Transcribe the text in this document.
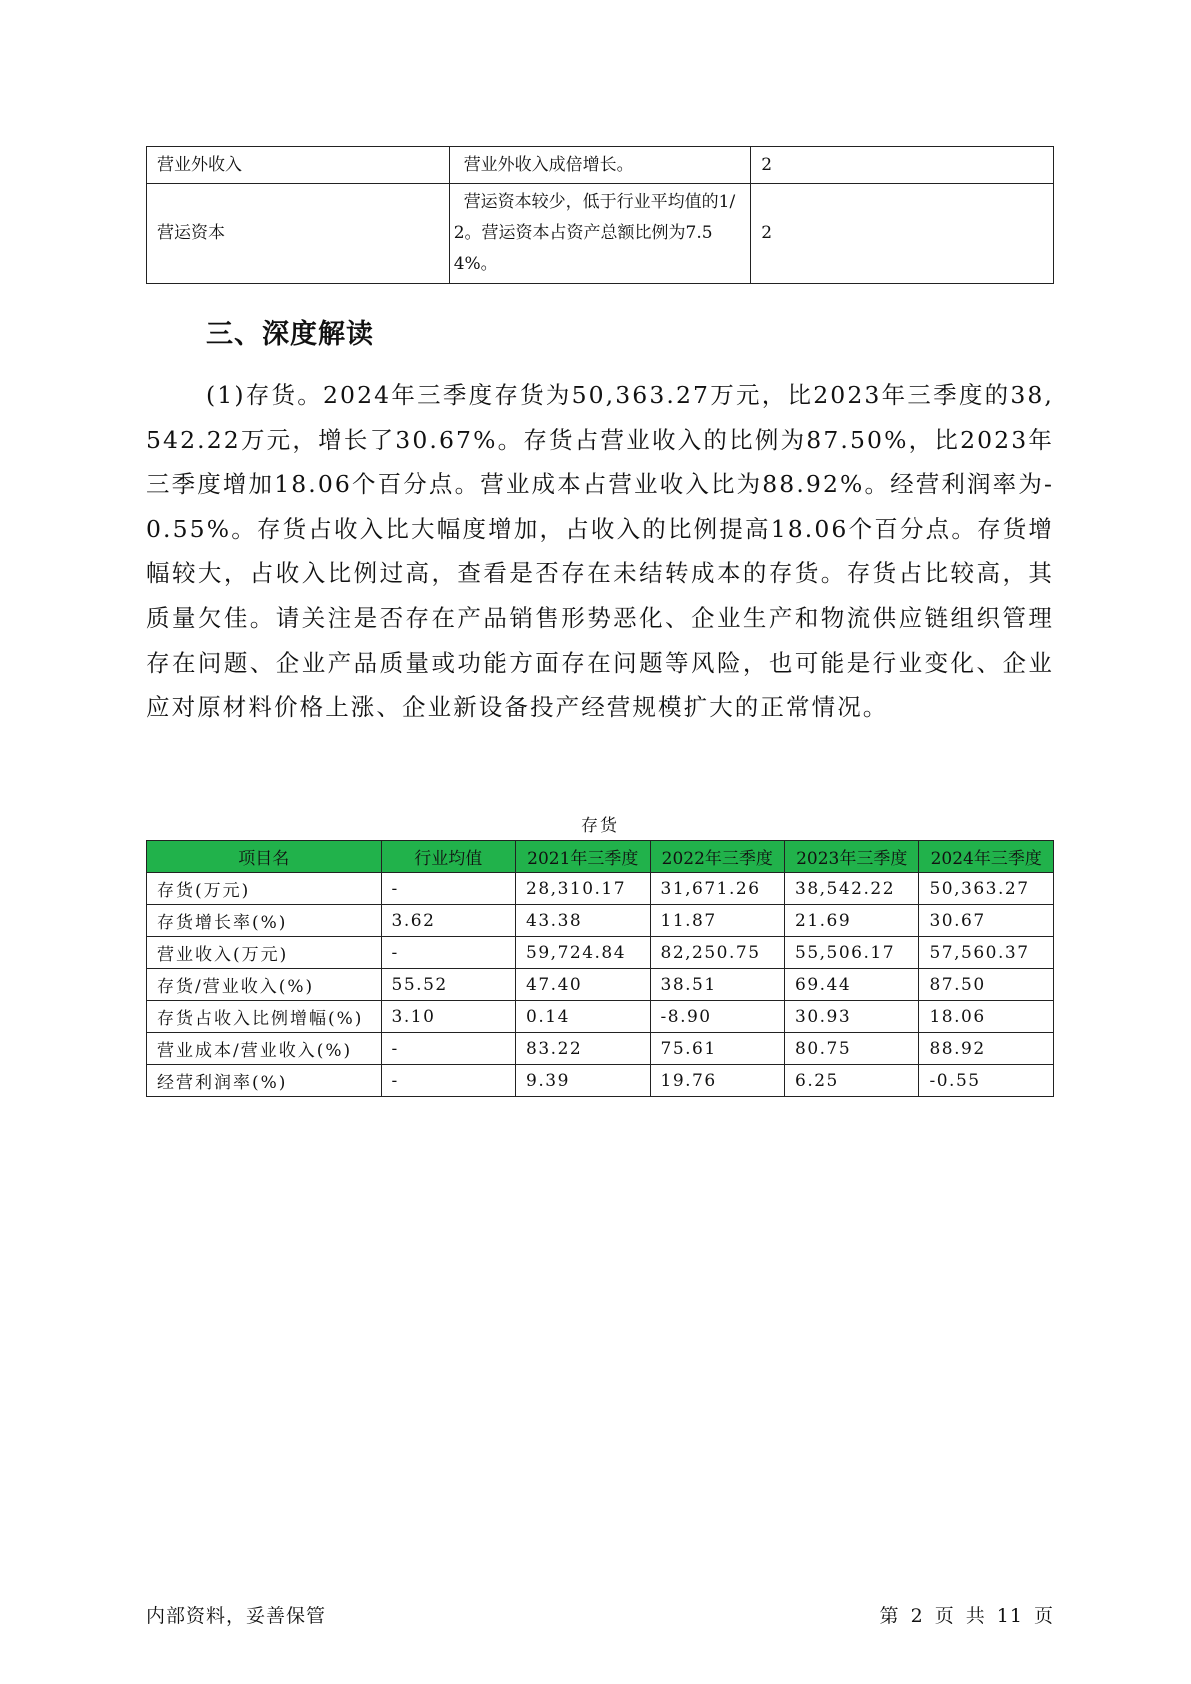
营业外收入	营业外收入成倍增长。	2
营运资本	营运资本较少，低于行业平均值的1/2。营运资本占资产总额比例为7.54%。	2
三、深度解读

(1)存货。2024年三季度存货为50,363.27万元，比2023年三季度的38,542.22万元，增长了30.67%。存货占营业收入的比例为87.50%，比2023年三季度增加18.06个百分点。营业成本占营业收入比为88.92%。经营利润率为-0.55%。存货占收入比大幅度增加，占收入的比例提高18.06个百分点。存货增幅较大，占收入比例过高，查看是否存在未结转成本的存货。存货占比较高，其质量欠佳。请关注是否存在产品销售形势恶化、企业生产和物流供应链组织管理存在问题、企业产品质量或功能方面存在问题等风险，也可能是行业变化、企业应对原材料价格上涨、企业新设备投产经营规模扩大的正常情况。

存货
项目名	行业均值	2021年三季度	2022年三季度	2023年三季度	2024年三季度
存货(万元)	-	28,310.17	31,671.26	38,542.22	50,363.27
存货增长率(%)	3.62	43.38	11.87	21.69	30.67
营业收入(万元)	-	59,724.84	82,250.75	55,506.17	57,560.37
存货/营业收入(%)	55.52	47.40	38.51	69.44	87.50
存货占收入比例增幅(%)	3.10	0.14	-8.90	30.93	18.06
营业成本/营业收入(%)	-	83.22	75.61	80.75	88.92
经营利润率(%)	-	9.39	19.76	6.25	-0.55
内部资料，妥善保管	第 2 页 共 11 页
